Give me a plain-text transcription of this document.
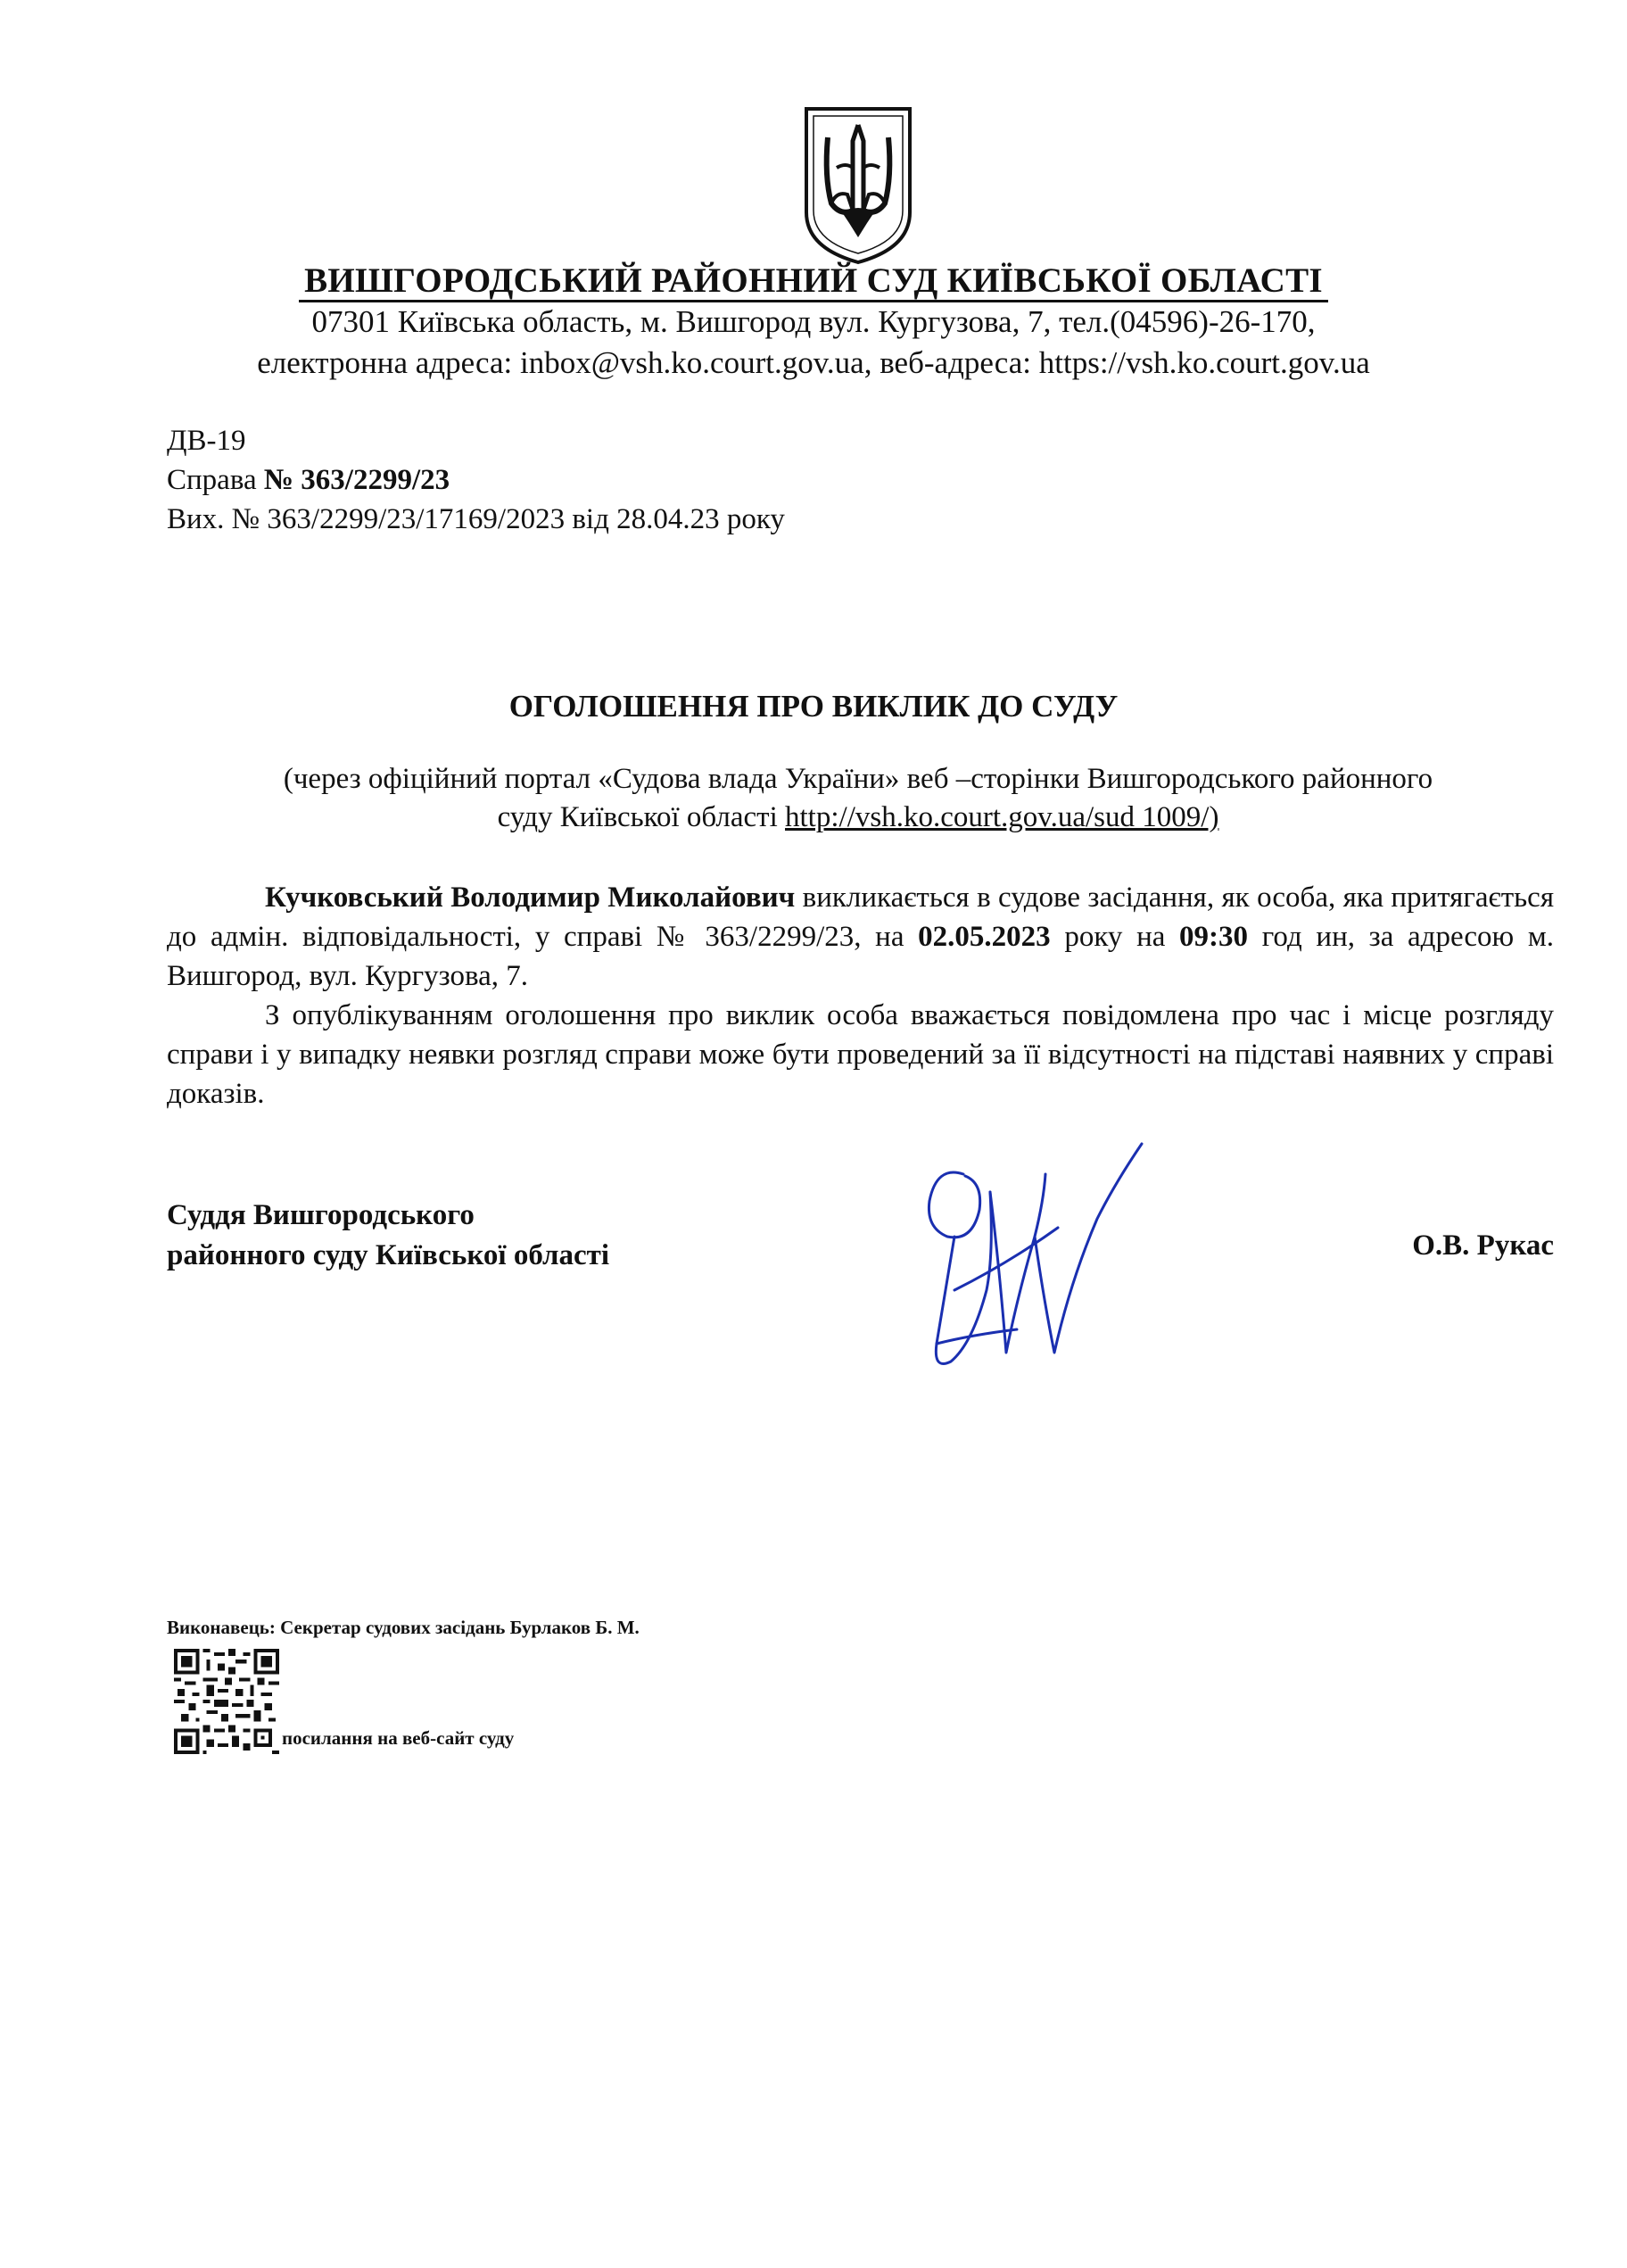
ВИШГОРОДСЬКИЙ РАЙОННИЙ СУД КИЇВСЬКОЇ ОБЛАСТІ
07301 Київська область, м. Вишгород вул. Кургузова, 7, тел.(04596)-26-170,
електронна адреса: inbox@vsh.ko.court.gov.ua, веб-адреса: https://vsh.ko.court.gov.ua
ДВ-19
Справа № 363/2299/23
Вих. № 363/2299/23/17169/2023 від 28.04.23 року
ОГОЛОШЕННЯ ПРО ВИКЛИК ДО СУДУ
(через офіційний портал «Судова влада України» веб –сторінки Вишгородського районного
суду Київської області http://vsh.ko.court.gov.ua/sud 1009/)

Кучковський Володимир Миколайович викликається в судове засідання, як особа, яка притягається до адмін. відповідальності, у справі № 363/2299/23, на 02.05.2023 року на 09:30 год ин, за адресою м. Вишгород, вул. Кургузова, 7.

З опублікуванням оголошення про виклик особа вважається повідомлена про час і місце розгляду справи і у випадку неявки розгляд справи може бути проведений за її відсутності на підставі наявних у справі доказів.

Суддя Вишгородського
районного суду Київської області	О.В. Рукас
Виконавець: Секретар судових засідань Бурлаков Б. М.
посилання на веб-сайт суду
